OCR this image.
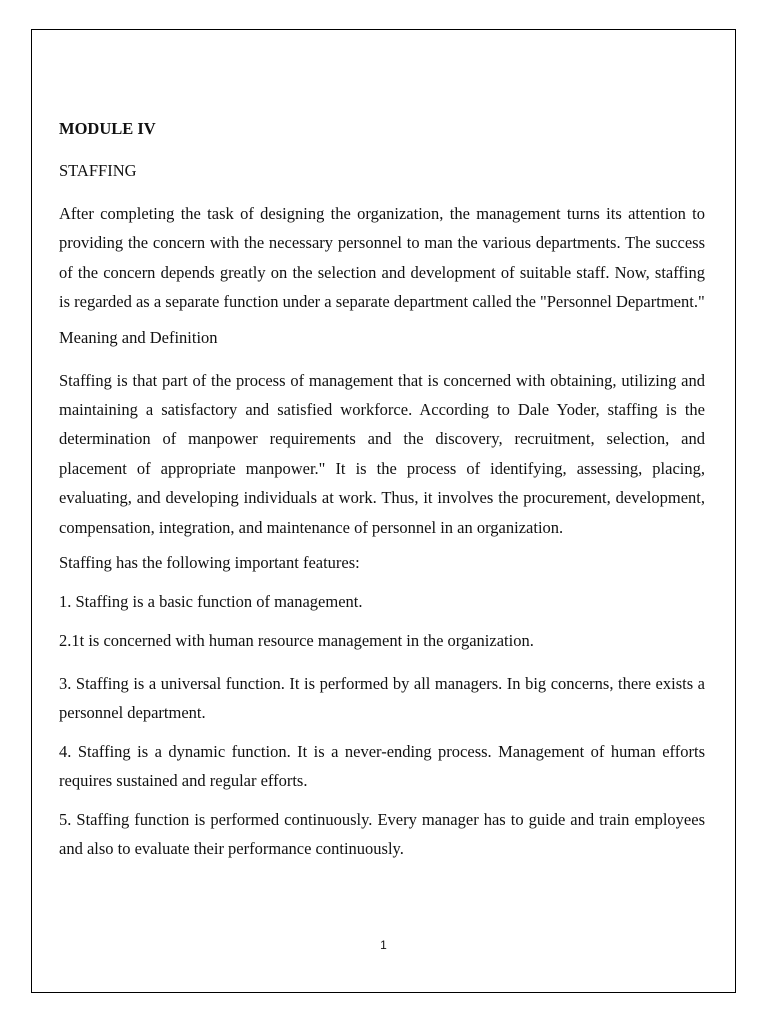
MODULE IV
STAFFING
After completing the task of designing the organization, the management turns its attention to providing the concern with the necessary personnel to man the various departments. The success of the concern depends greatly on the selection and development of suitable staff. Now, staffing is regarded as a separate function under a separate department called the "Personnel Department."
Meaning and Definition
Staffing is that part of the process of management that is concerned with obtaining, utilizing and maintaining a satisfactory and satisfied workforce. According to Dale Yoder, staffing is the determination of manpower requirements and the discovery, recruitment, selection, and placement of appropriate manpower." It is the process of identifying, assessing, placing, evaluating, and developing individuals at work. Thus, it involves the procurement, development, compensation, integration, and maintenance of personnel in an organization.
Staffing has the following important features:
1. Staffing is a basic function of management.
2.1t is concerned with human resource management in the organization.
3. Staffing is a universal function. It is performed by all managers. In big concerns, there exists a personnel department.
4. Staffing is a dynamic function. It is a never-ending process. Management of human efforts requires sustained and regular efforts.
5. Staffing function is performed continuously. Every manager has to guide and train employees and also to evaluate their performance continuously.
1
